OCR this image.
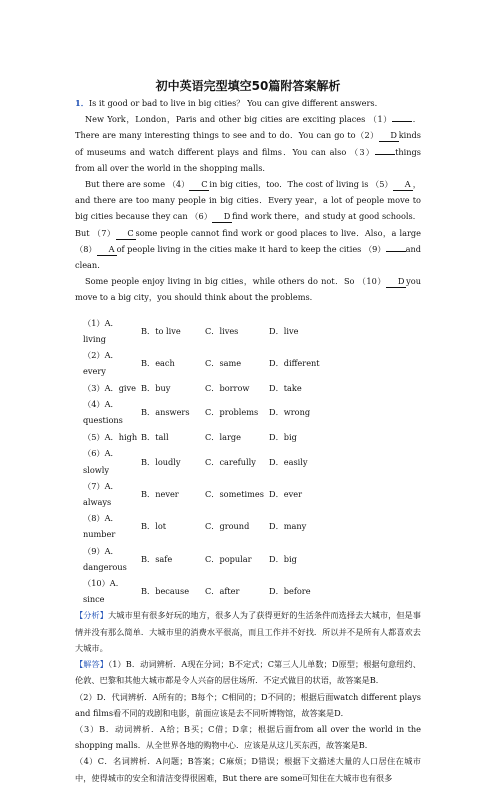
初中英语完型填空50篇附答案解析
1．Is it good or bad to live in big cities？ You can give different answers.

New York，London，Paris and other big cities are exciting places （1） ．There are many interesting things to see and to do．You can go to（2） D kinds of museums and watch different plays and films．You can also （3） things from all over the world in the shopping malls.

But there are some （4） C in big cities，too．The cost of living is （5） A ，and there are too many people in big cities．Every year，a lot of people move to big cities because they can （6） D find work there，and study at good schools．But （7） C some people cannot find work or good places to live．Also，a large （8） A of people living in the cities make it hard to keep the cities （9） and clean.

Some people enjoy living in big cities，while others do not．So （10） D you move to a big city，you should think about the problems.

（1）A．living	B．to live	C．lives	D．live
（2）A．every	B．each	C．same	D．different
（3）A．give	B．buy	C．borrow	D．take
（4）A．questions	B．answers	C．problems	D．wrong
（5）A．high	B．tall	C．large	D．big
（6）A．slowly	B．loudly	C．carefully	D．easily
（7）A．always	B．never	C．sometimes	D．ever
（8）A．number	B．lot	C．ground	D．many
（9）A．dangerous	B．safe	C．popular	D．big
（10）A．since	B．because	C．after	D．before

【分析】大城市里有很多好玩的地方，很多人为了获得更好的生活条件而选择去大城市，但是事情并没有那么简单．大城市里的消费水平很高，而且工作并不好找．所以并不是所有人都喜欢去大城市。

【解答】（1）B．动词辨析．A现在分词；B不定式；C第三人儿单数；D原型；根据句意纽约、伦敦、巴黎和其他大城市都是令人兴奋的居住场所．不定式做目的状语，故答案是B．

（2）D．代词辨析．A所有的；B每个；C相同的；D不同的；根据后面watch different plays and films看不同的戏剧和电影，前面应该是去不同听博物馆，故答案是D．

（3）B．动词辨析．A给；B买；C借；D拿；根据后面from all over the world in the shopping malls．从全世界各地的购物中心．应该是从这儿买东西，故答案是B．

（4）C．名词辨析．A问题；B答案；C麻烦；D错误；根据下文描述大量的人口居住在城市中，使得城市的安全和清洁变得很困难，But there are some可知住在大城市也有很多
